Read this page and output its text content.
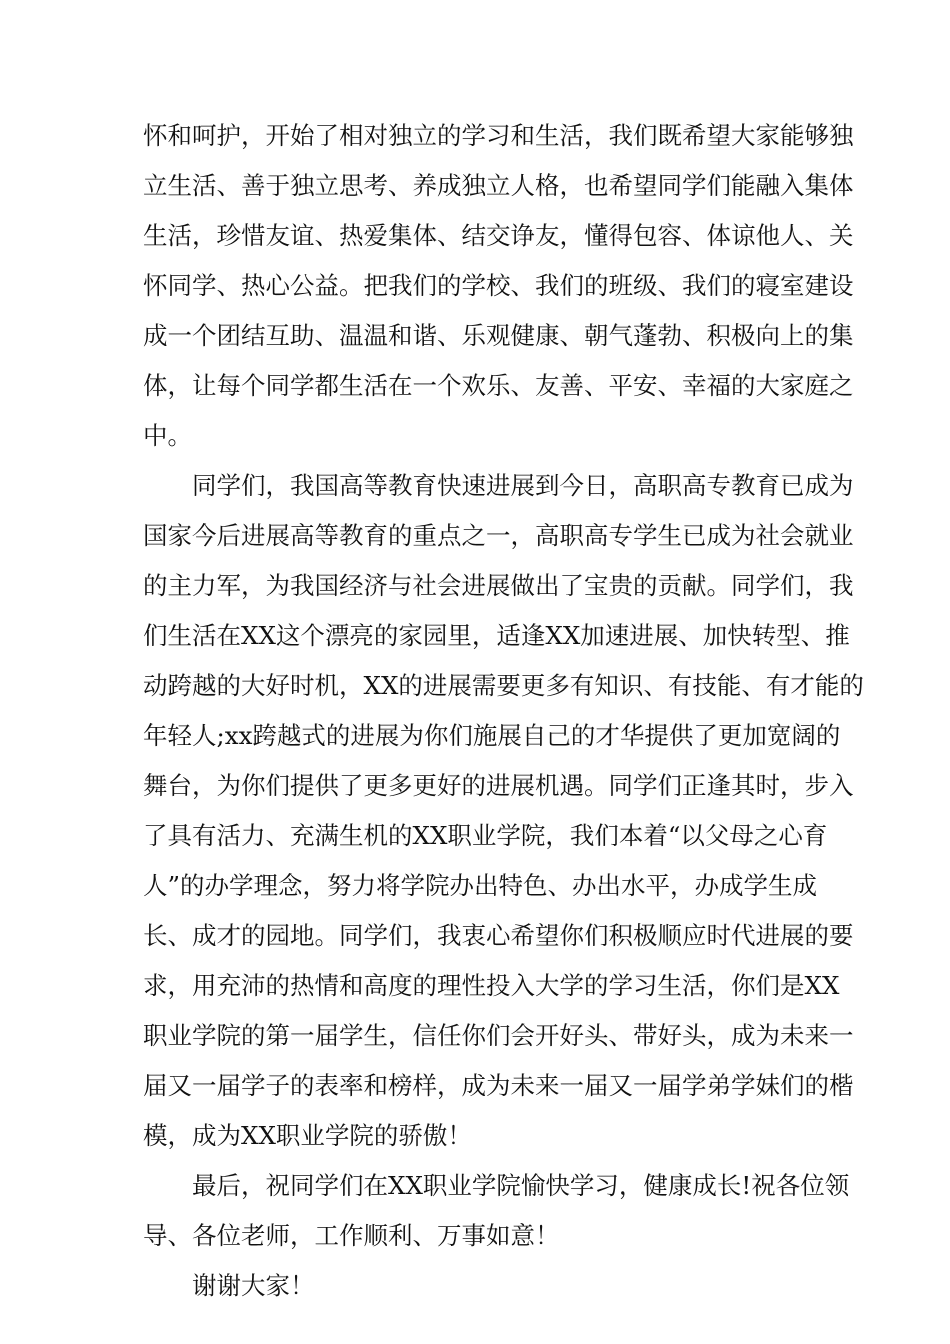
怀和呵护，开始了相对独立的学习和生活，我们既希望大家能够独
立生活、善于独立思考、养成独立人格，也希望同学们能融入集体
生活，珍惜友谊、热爱集体、结交诤友，懂得包容、体谅他人、关
怀同学、热心公益。把我们的学校、我们的班级、我们的寝室建设
成一个团结互助、温温和谐、乐观健康、朝气蓬勃、积极向上的集
体，让每个同学都生活在一个欢乐、友善、平安、幸福的大家庭之
中。
同学们，我国高等教育快速进展到今日，高职高专教育已成为
国家今后进展高等教育的重点之一，高职高专学生已成为社会就业
的主力军，为我国经济与社会进展做出了宝贵的贡献。同学们，我
们生活在XX这个漂亮的家园里，适逢XX加速进展、加快转型、推
动跨越的大好时机，XX的进展需要更多有知识、有技能、有才能的
年轻人;xx跨越式的进展为你们施展自己的才华提供了更加宽阔的
舞台，为你们提供了更多更好的进展机遇。同学们正逢其时，步入
了具有活力、充满生机的XX职业学院，我们本着“以父母之心育
人”的办学理念，努力将学院办出特色、办出水平，办成学生成
长、成才的园地。同学们，我衷心希望你们积极顺应时代进展的要
求，用充沛的热情和高度的理性投入大学的学习生活，你们是XX
职业学院的第一届学生，信任你们会开好头、带好头，成为未来一
届又一届学子的表率和榜样，成为未来一届又一届学弟学妹们的楷
模，成为XX职业学院的骄傲！
最后，祝同学们在XX职业学院愉快学习，健康成长!祝各位领
导、各位老师，工作顺利、万事如意！
谢谢大家！
